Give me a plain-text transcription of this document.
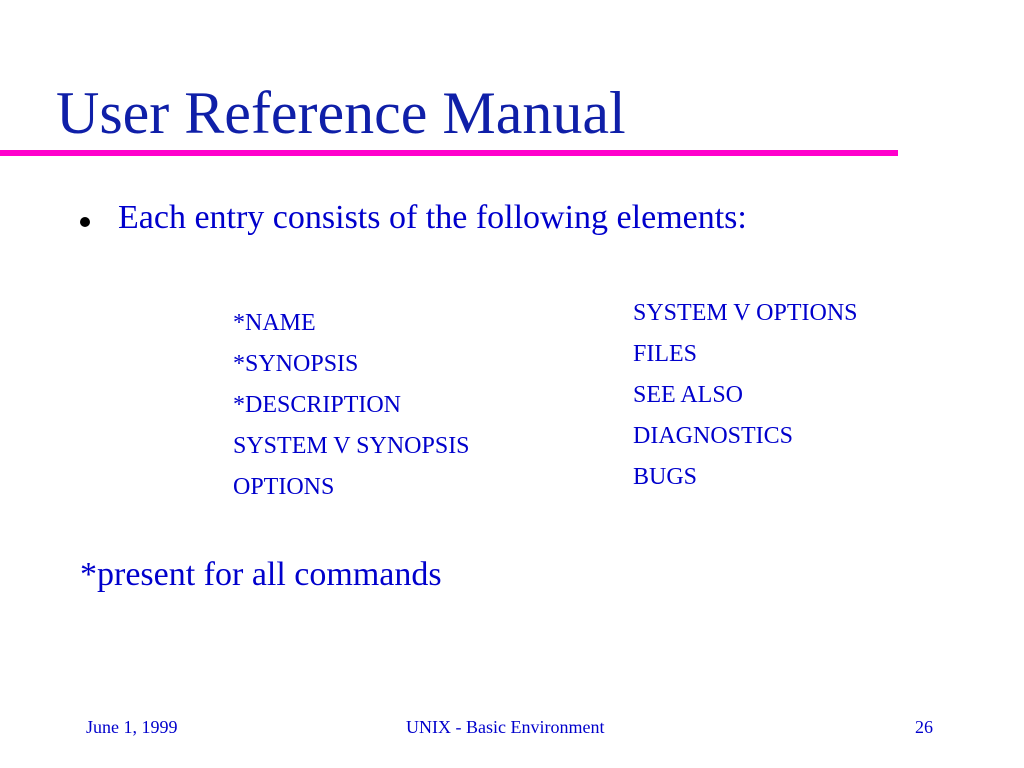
User Reference Manual
Each entry consists of the following elements:
*NAME
*SYNOPSIS
*DESCRIPTION
SYSTEM V SYNOPSIS
OPTIONS
SYSTEM V OPTIONS
FILES
SEE ALSO
DIAGNOSTICS
BUGS
*present for all commands
June 1, 1999	UNIX - Basic Environment	26
